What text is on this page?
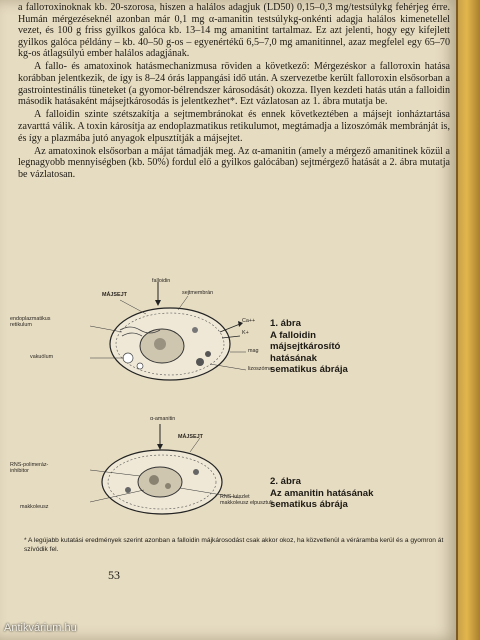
a falloтoxinoknak kb. 20-szorosa, hiszen a halálos adagjuk (LD50) 0,15–0,3 mg/testsúlykg fehérjeg érre. Humán mérgezéseknél azonban már 0,1 mg α-amanitin testsúlykg-onkénti adagja halálos kimenetellel vezet, és 100 g friss gyilkos galóca kb. 13–14 mg amanitint tartalmaz. Ez azt jelenti, hogy egy kifejlett gyilkos galóca példány – kb. 40–50 g-os – egyenértékű 6,5–7,0 mg amanitinnel, azaz megfelel egy 65–70 kg-os átlagsúlyú ember halálos adagjának.

A fallo- és amatoxinok hatásmechanizmusa röviden a következő: Mérgezéskor a falloтoxin hatása korábban jelentkezik, de így is 8–24 órás lappangási idő után. A szervezetbe került falloтoxin elsősorban a gastrointestinális tüneteket (a gyomor-bélrendszer károsodását) okozza. Ilyen kezdeti hatás után a falloidin második hatásaként májsejtkárosodás is jelentkezhet*. Ezt vázlatosan az 1. ábra mutatja be.

A falloidin szinte szétszakítja a sejtmembránokat és ennek következtében a májsejt ionháztartása zavarttá válik. A toxin károsítja az endoplazmatikus retikulumot, megtámadja a lizoszómák membránját is, és így a plazmába jutó anyagok elpusztítják a májsejtet.

Az amatoxinok elsősorban a májat támadják meg. Az α-amanitin (amely a mérgező amanitinek közül a legnagyobb mennyiségben (kb. 50%) fordul elő a gyilkos galócában) sejtmérgező hatását a 2. ábra mutatja be vázlatosan.

falloidin
MÁJSEJT	sejtmembrán
endoplazmatikus retikulum
Ca++
K+
mag
vakuólum
lizoszóma
1. ábra
A falloidin
májsejtkárosító
hatásának
sematikus ábrája
α-amanitin
MÁJSEJT
RNS-polimeráz-inhibitor
makkoleusz
RNS készlet makkoleusz elpusztult
2. ábra
Az amanitin hatásának
sematikus ábrája
* A legújabb kutatási eredmények szerint azonban a falloidin májkárosodást csak akkor okoz, ha közvetlenül a vérárambа kerül és a gyomron át szívódik fel.
53
Antikvárium.hu
